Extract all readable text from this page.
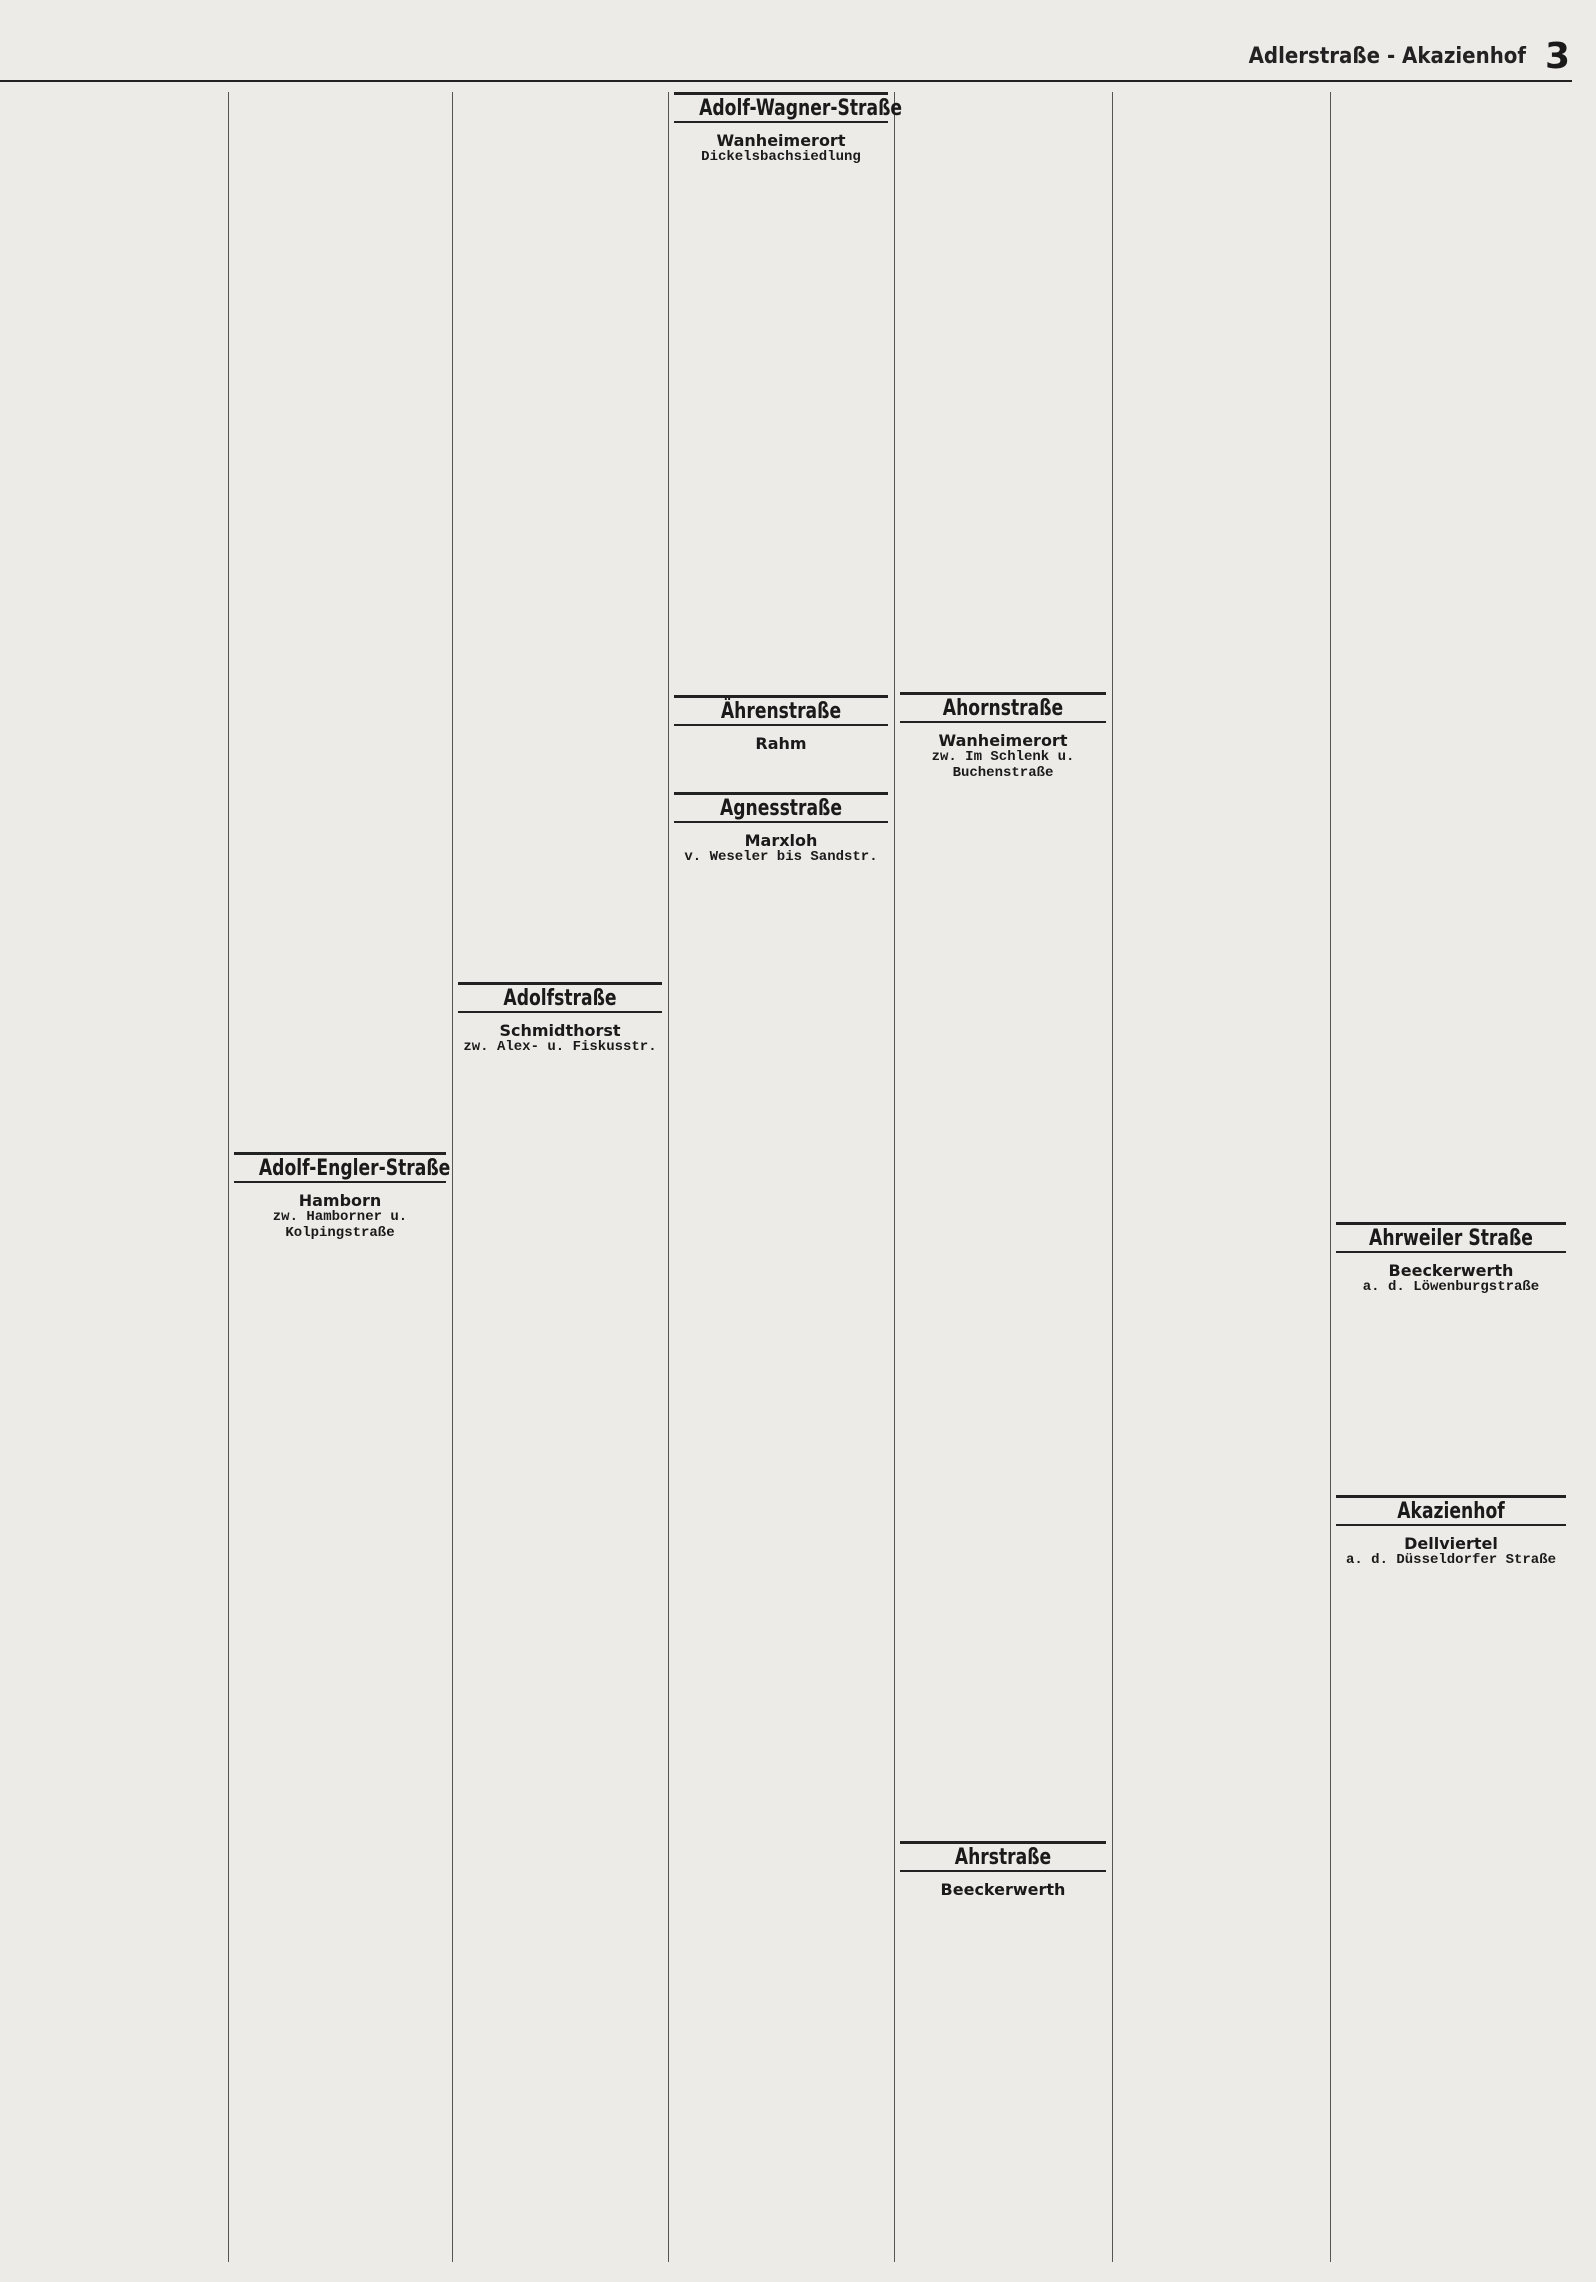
Adlerstraße - Akazienhof 3
Adolf-Engler-Straße
Hamborn
zw. Hamborner u. Kolpingstraße
Adolfstraße
Schmidthorst
zw. Alex- u. Fiskusstr.
Adolf-Wagner-Straße
Wanheimerort
Dickelsbachsiedlung
Ährenstraße
Rahm
Agnesstraße
Marxloh
v. Weseler bis Sandstr.
Ahornstraße
Wanheimerort
zw. Im Schlenk u. Buchenstraße
Ahrstraße
Beeckerwerth
Ahrweiler Straße
Beeckerwerth
a. d. Löwenburgstraße
Akazienhof
Dellviertel
a. d. Düsseldorfer Straße
